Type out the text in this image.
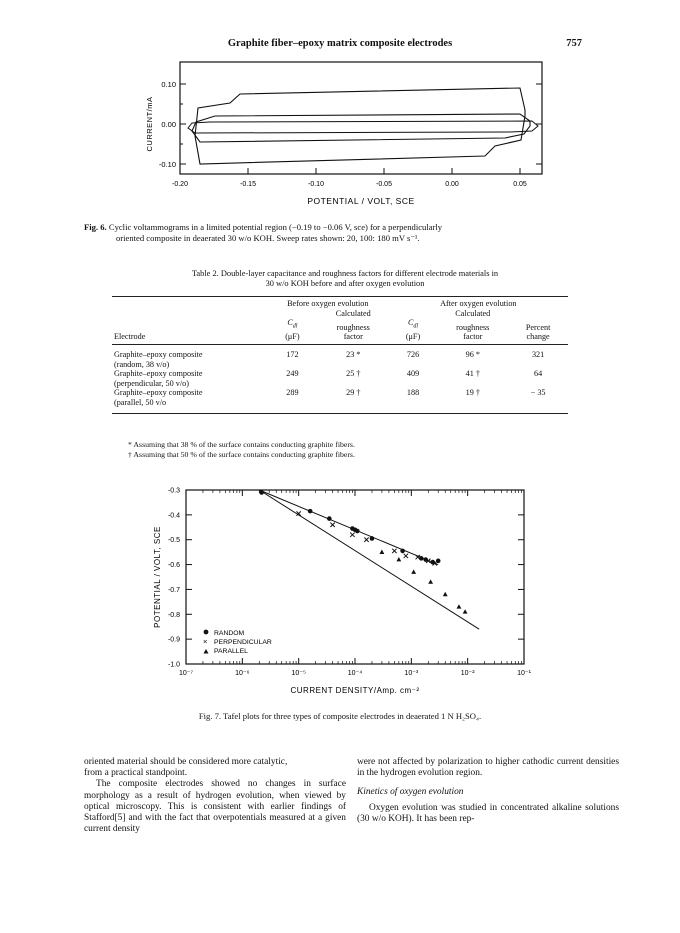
Graphite fiber–epoxy matrix composite electrodes	757
0.10
0.00
-0.10
-0.20	-0.15	-0.10	-0.05	0.00	0.05
POTENTIAL / VOLT, SCE
CURRENT/mA
Fig. 6. Cyclic voltammograms in a limited potential region (−0.19 to −0.06 V, sce) for a perpendicularly
oriented composite in deaerated 30 w/o KOH. Sweep rates shown: 20, 100: 180 mV s⁻¹.
Table 2. Double-layer capacitance and roughness factors for different electrode materials in
30 w/o KOH before and after oxygen evolution
	Before oxygen evolution		After oxygen evolution		
		Calculated		Calculated	
	$C_{dl}$	roughness	$C_{dl}$	roughness	Percent
Electrode	(μF)	factor	(μF)	factor	change
Graphite–epoxy composite	172	23 *	726	96 *	321
(random, 38 v/o)					
Graphite–epoxy composite	249	25 †	409	41 †	64
(perpendicular, 50 v/o)					
Graphite–epoxy composite	289	29 †	188	19 †	− 35
(parallel, 50 v/o					
* Assuming that 38 % of the surface contains conducting graphite fibers.
† Assuming that 50 % of the surface contains conducting graphite fibers.
10⁻⁷	10⁻⁶	10⁻⁵	10⁻⁴	10⁻³	10⁻²	10⁻¹
-0.3
-0.4
-0.5
-0.6
-0.7
-0.8
-0.9
-1.0
POTENTIAL / VOLT, SCE
CURRENT DENSITY/Amp. cm⁻²
RANDOM
× PERPENDICULAR
PARALLEL
Fig. 7. Tafel plots for three types of composite electrodes in deaerated 1 N H₂SO₄.

oriented material should be considered more catalytic,

from a practical standpoint.

The composite electrodes showed no changes in surface morphology as a result of hydrogen evolution, when viewed by optical microscopy. This is consistent with earlier findings of Stafford[5] and with the fact that overpotentials measured at a given current density

were not affected by polarization to higher cathodic current densities in the hydrogen evolution region.

Kinetics of oxygen evolution

Oxygen evolution was studied in concentrated alkaline solutions (30 w/o KOH). It has been rep-
